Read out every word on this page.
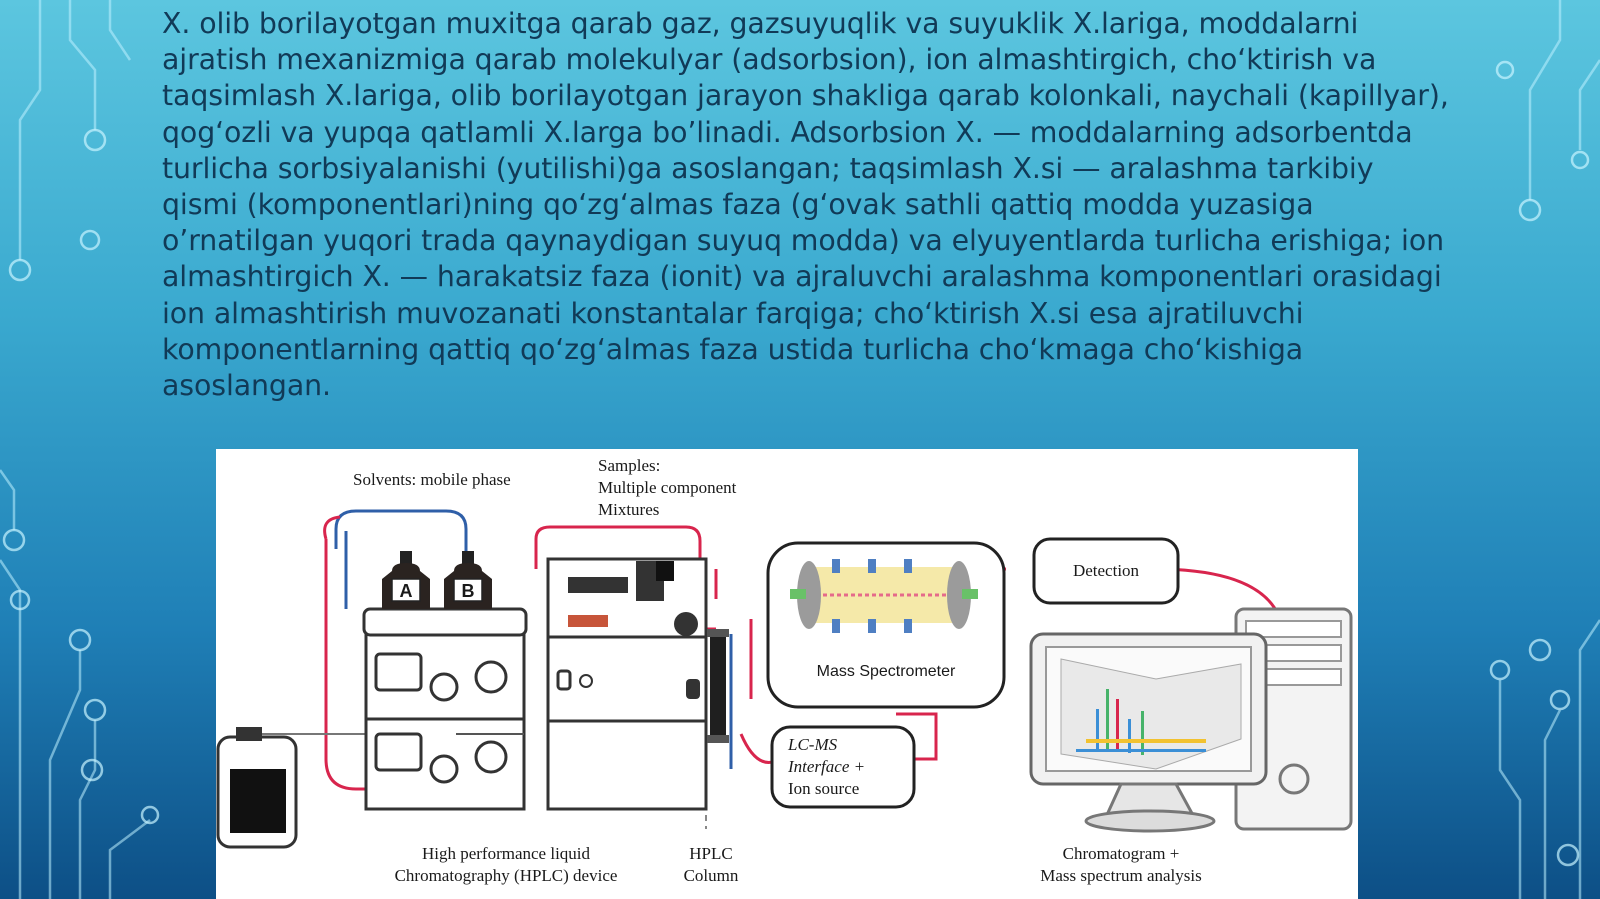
X. olib borilayotgan muxitga qarab gaz, gazsuyuqlik va suyuklik X.lariga, moddalarni ajratish mexanizmiga qarab molekulyar (adsorbsion), ion almashtirgich, cho‘ktirish va taqsimlash X.lariga, olib borilayotgan jarayon shakliga qarab kolonkali, naychali (kapillyar), qog‘ozli va yupqa qatlamli X.larga bo’linadi. Adsorbsion X. — moddalarning adsorbentda turlicha sorbsiyalanishi (yutilishi)ga asoslangan; taqsimlash X.si — aralashma tarkibiy qismi (komponentlari)ning qo‘zg‘almas faza (g‘ovak sathli qattiq modda yuzasiga o’rnatilgan yuqori trada qaynaydigan suyuq modda) va elyuyentlarda turlicha erishiga; ion almashtirgich X. — harakatsiz faza (ionit) va ajraluvchi aralashma komponentlari orasidagi ion almashtirish muvozanati konstantalar farqiga; cho‘ktirish X.si esa ajratiluvchi komponentlarning qattiq qo‘zg‘almas faza ustida turlicha cho‘kmaga cho‘kishiga asoslangan.

Solvents: mobile phase
Samples:
Multiple component
Mixtures
A	B
Mass Spectrometer
Detection
LC-MS
Interface +
Ion source
High performance liquid
Chromatography (HPLC) device
HPLC
Column
Chromatogram +
Mass spectrum analysis
